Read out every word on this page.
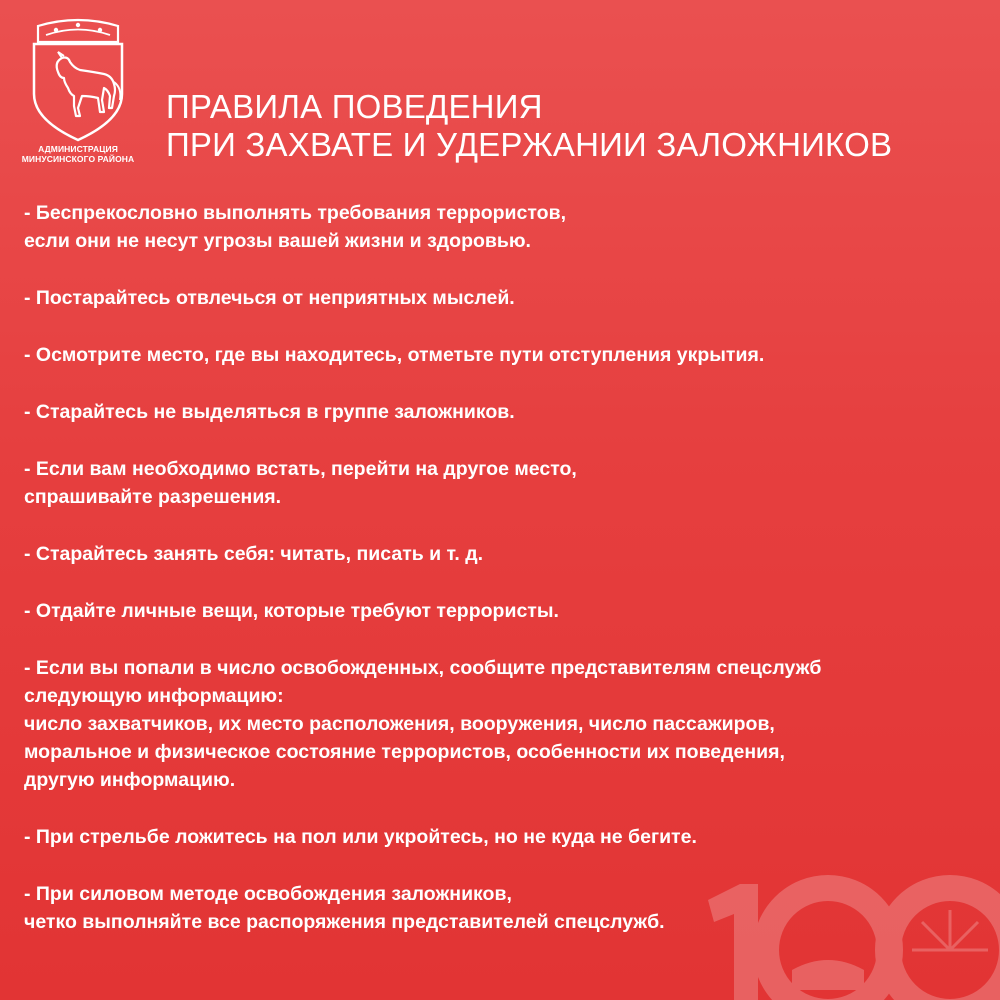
АДМИНИСТРАЦИЯ
МИНУСИНСКОГО РАЙОНА
ПРАВИЛА ПОВЕДЕНИЯ
ПРИ ЗАХВАТЕ И УДЕРЖАНИИ ЗАЛОЖНИКОВ
- Беспрекословно выполнять требования террористов,
если они не несут угрозы вашей жизни и здоровью.
- Постарайтесь отвлечься от неприятных мыслей.
- Осмотрите место, где вы находитесь, отметьте пути отступления укрытия.
- Старайтесь не выделяться в группе заложников.
- Если вам необходимо встать, перейти на другое место,
спрашивайте разрешения.
- Старайтесь занять себя: читать, писать и т. д.
- Отдайте личные вещи, которые требуют террористы.
- Если вы попали в число освобожденных, сообщите представителям спецслужб
следующую информацию:
число захватчиков, их место расположения, вооружения, число пассажиров,
моральное и физическое состояние террористов, особенности их поведения,
другую информацию.
- При стрельбе ложитесь на пол или укройтесь, но не куда не бегите.
- При силовом методе освобождения заложников,
четко выполняйте все распоряжения представителей спецслужб.
